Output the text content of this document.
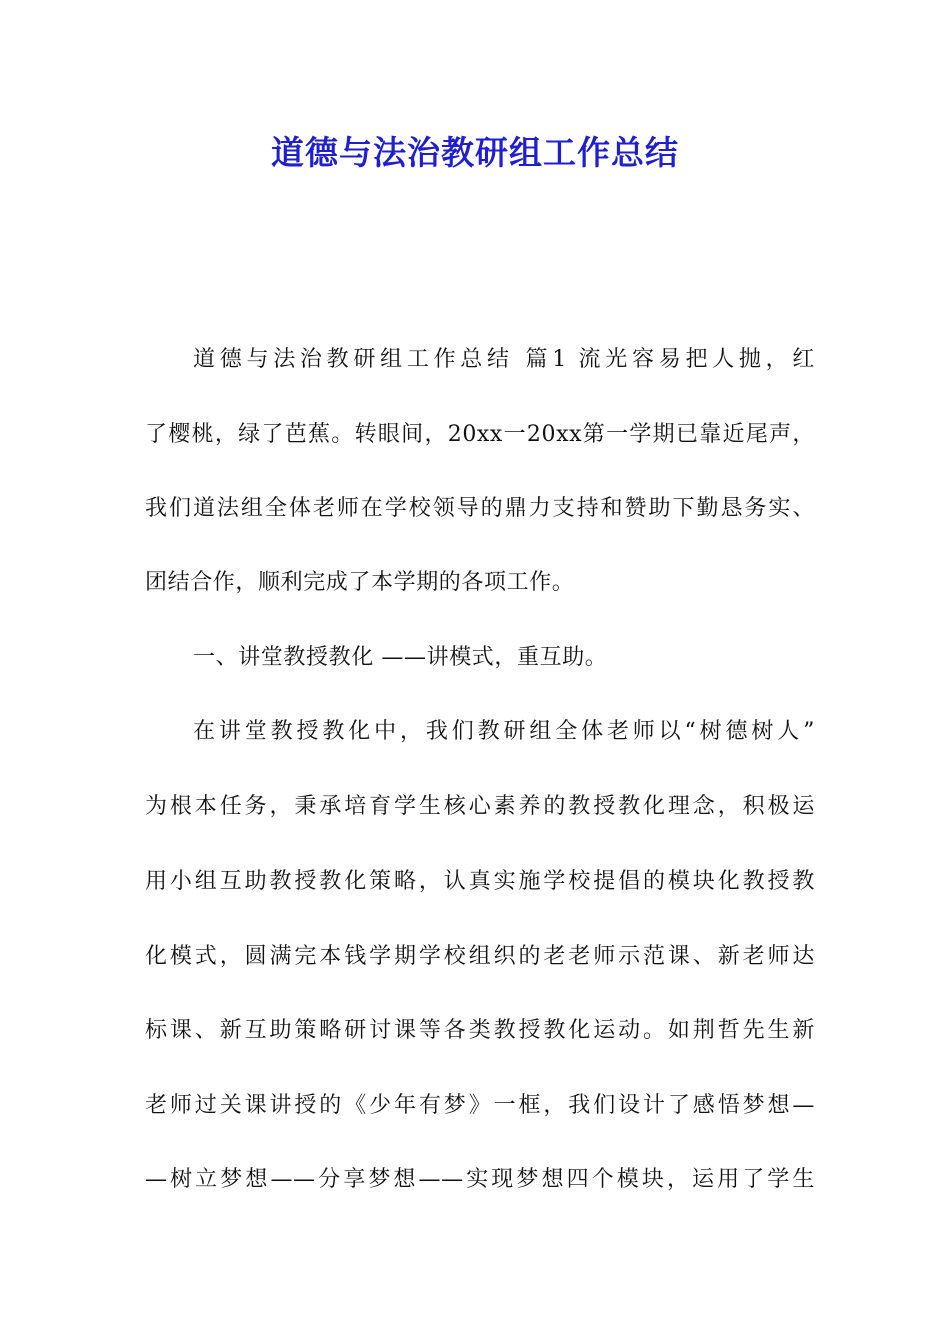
道德与法治教研组工作总结
道德与法治教研组工作总结 篇1 流光容易把人抛，红
了樱桃，绿了芭蕉。转眼间，20xx一20xx第一学期已靠近尾声，
我们道法组全体老师在学校领导的鼎力支持和赞助下勤恳务实、
团结合作，顺利完成了本学期的各项工作。
一、讲堂教授教化 ——讲模式，重互助。
在讲堂教授教化中，我们教研组全体老师以“树德树人”
为根本任务，秉承培育学生核心素养的教授教化理念，积极运
用小组互助教授教化策略，认真实施学校提倡的模块化教授教
化模式，圆满完本钱学期学校组织的老老师示范课、新老师达
标课、新互助策略研讨课等各类教授教化运动。如荆哲先生新
老师过关课讲授的《少年有梦》一框，我们设计了感悟梦想—
—树立梦想——分享梦想——实现梦想四个模块，运用了学生
